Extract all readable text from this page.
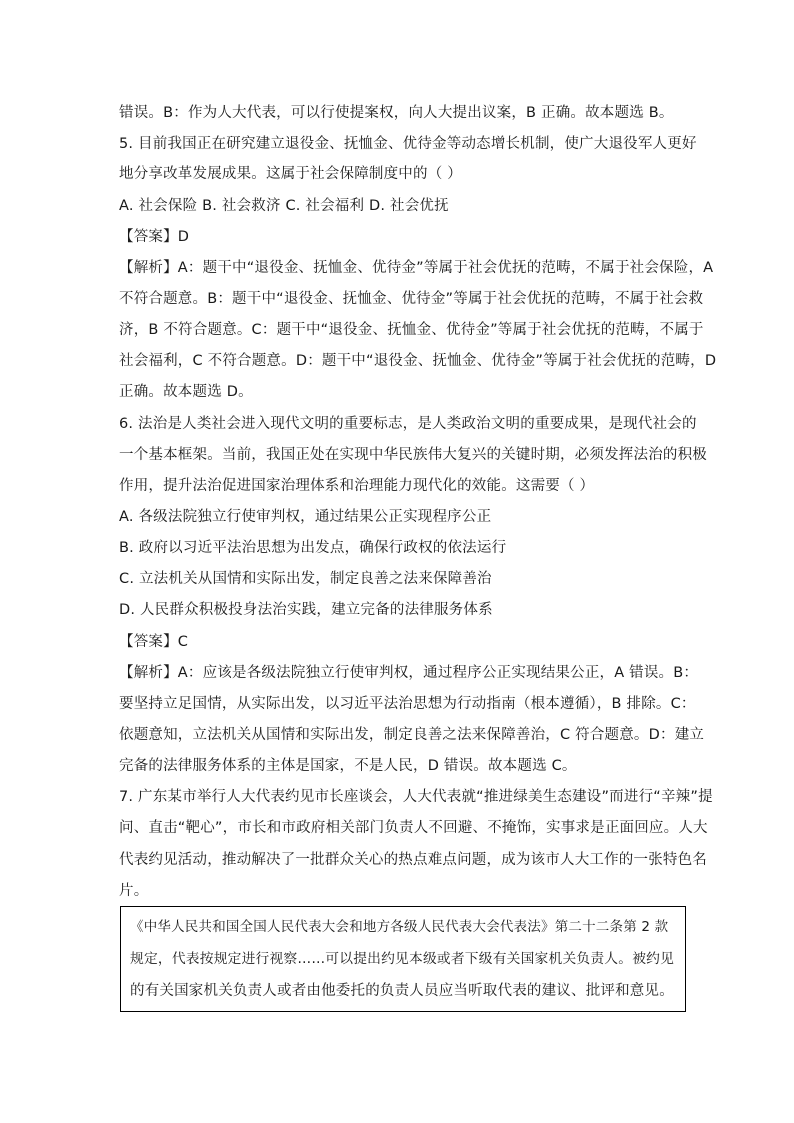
错误。B：作为人大代表，可以行使提案权，向人大提出议案，B 正确。故本题选 B。
5. 目前我国正在研究建立退役金、抚恤金、优待金等动态增长机制，使广大退役军人更好
地分享改革发展成果。这属于社会保障制度中的（ ）
A. 社会保险 B. 社会救济 C. 社会福利 D. 社会优抚
【答案】D
【解析】A：题干中“退役金、抚恤金、优待金”等属于社会优抚的范畴，不属于社会保险，A
不符合题意。B：题干中“退役金、抚恤金、优待金”等属于社会优抚的范畴，不属于社会救
济，B 不符合题意。C：题干中“退役金、抚恤金、优待金”等属于社会优抚的范畴，不属于
社会福利，C 不符合题意。D：题干中“退役金、抚恤金、优待金”等属于社会优抚的范畴，D
正确。故本题选 D。
6. 法治是人类社会进入现代文明的重要标志，是人类政治文明的重要成果，是现代社会的
一个基本框架。当前，我国正处在实现中华民族伟大复兴的关键时期，必须发挥法治的积极
作用，提升法治促进国家治理体系和治理能力现代化的效能。这需要（ ）
A. 各级法院独立行使审判权，通过结果公正实现程序公正
B. 政府以习近平法治思想为出发点，确保行政权的依法运行
C. 立法机关从国情和实际出发，制定良善之法来保障善治
D. 人民群众积极投身法治实践，建立完备的法律服务体系
【答案】C
【解析】A：应该是各级法院独立行使审判权，通过程序公正实现结果公正，A 错误。B：
要坚持立足国情，从实际出发，以习近平法治思想为行动指南（根本遵循），B 排除。C：
依题意知，立法机关从国情和实际出发，制定良善之法来保障善治，C 符合题意。D：建立
完备的法律服务体系的主体是国家，不是人民，D 错误。故本题选 C。
7. 广东某市举行人大代表约见市长座谈会，人大代表就“推进绿美生态建设”而进行“辛辣”提
问、直击“靶心”，市长和市政府相关部门负责人不回避、不掩饰，实事求是正面回应。人大
代表约见活动，推动解决了一批群众关心的热点难点问题，成为该市人大工作的一张特色名
片。
《中华人民共和国全国人民代表大会和地方各级人民代表大会代表法》第二十二条第 2 款
规定，代表按规定进行视察……可以提出约见本级或者下级有关国家机关负责人。被约见
的有关国家机关负责人或者由他委托的负责人员应当听取代表的建议、批评和意见。
